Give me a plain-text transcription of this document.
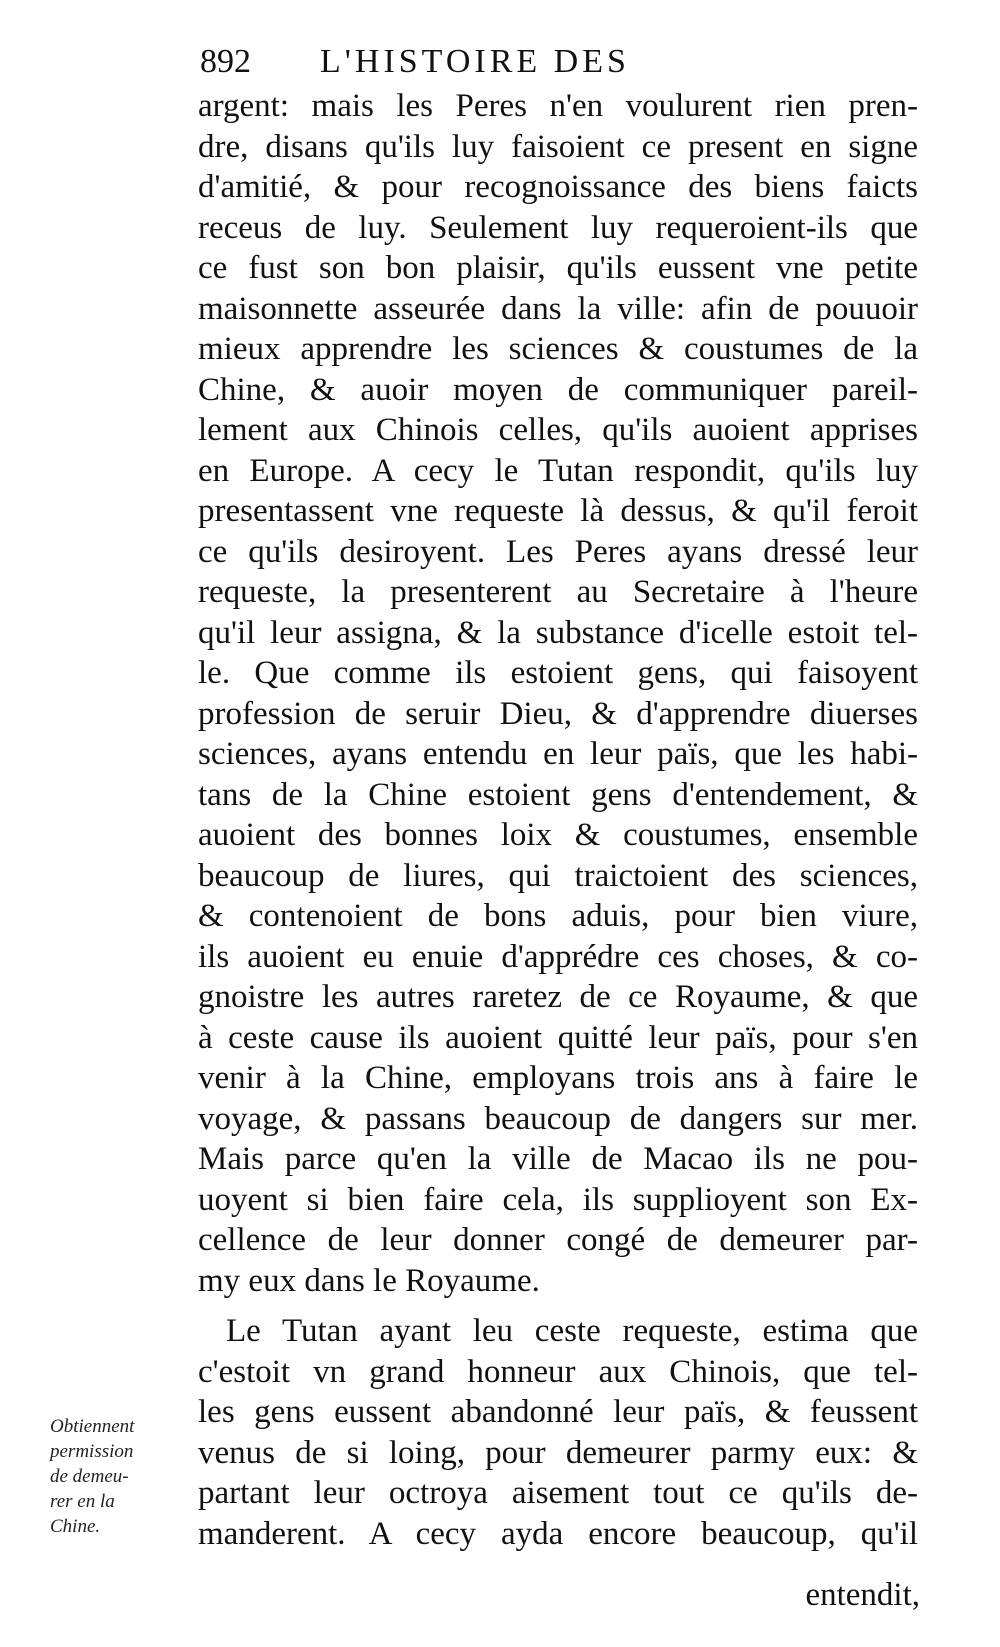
892 L'HISTOIRE DES
argent: mais les Peres n'en voulurent rien pren-
dre, disans qu'ils luy faisoient ce present en signe
d'amitié, & pour recognoissance des biens faicts
receus de luy. Seulement luy requeroient-ils que
ce fust son bon plaisir, qu'ils eussent vne petite
maisonnette asseurée dans la ville: afin de pouuoir
mieux apprendre les sciences & coustumes de la
Chine, & auoir moyen de communiquer pareil-
lement aux Chinois celles, qu'ils auoient apprises
en Europe. A cecy le Tutan respondit, qu'ils luy
presentassent vne requeste là dessus, & qu'il feroit
ce qu'ils desiroyent. Les Peres ayans dressé leur
requeste, la presenterent au Secretaire à l'heure
qu'il leur assigna, & la substance d'icelle estoit tel-
le. Que comme ils estoient gens, qui faisoyent
profession de seruir Dieu, & d'apprendre diuerses
sciences, ayans entendu en leur païs, que les habi-
tans de la Chine estoient gens d'entendement, &
auoient des bonnes loix & coustumes, ensemble
beaucoup de liures, qui traictoient des sciences,
& contenoient de bons aduis, pour bien viure,
ils auoient eu enuie d'apprédre ces choses, & co-
gnoistre les autres raretez de ce Royaume, & que
à ceste cause ils auoient quitté leur païs, pour s'en
venir à la Chine, employans trois ans à faire le
voyage, & passans beaucoup de dangers sur mer.
Mais parce qu'en la ville de Macao ils ne pou-
uoyent si bien faire cela, ils supplioyent son Ex-
cellence de leur donner congé de demeurer par-
my eux dans le Royaume.
Le Tutan ayant leu ceste requeste, estima que
c'estoit vn grand honneur aux Chinois, que tel-
les gens eussent abandonné leur païs, & feussent
venus de si loing, pour demeurer parmy eux: &
partant leur octroya aisement tout ce qu'ils de-
manderent. A cecy ayda encore beaucoup, qu'il
entendit,
Obtiennent
permission
de demeu-
rer en la
Chine.
